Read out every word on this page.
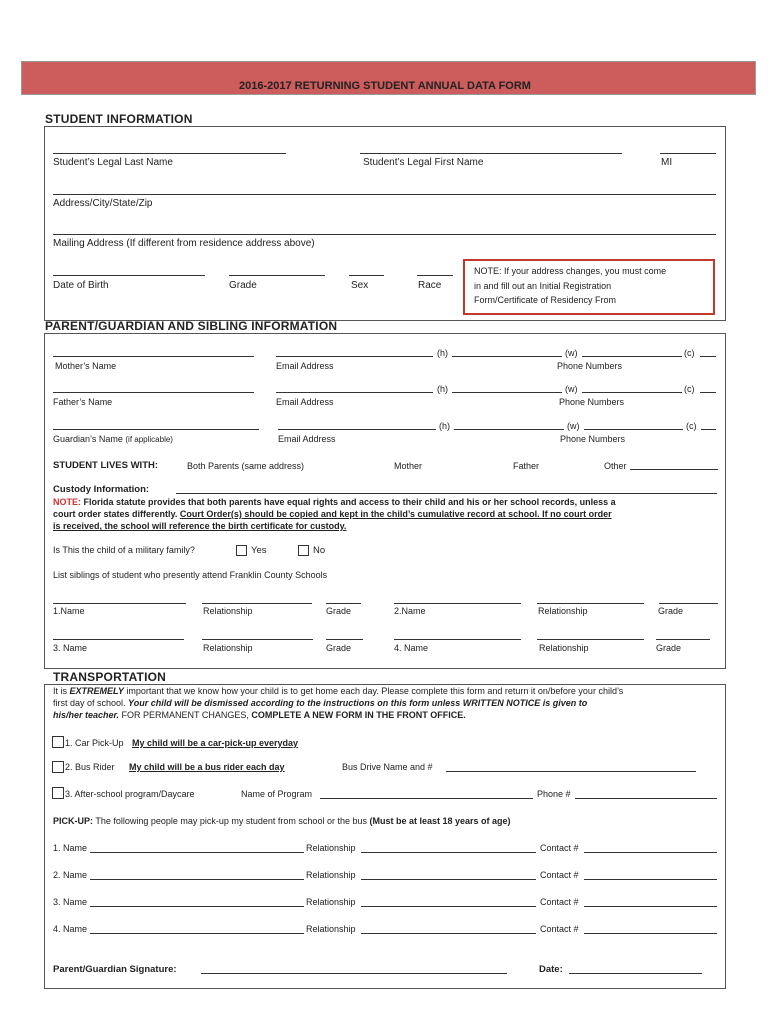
2016-2017 RETURNING STUDENT ANNUAL DATA FORM
STUDENT INFORMATION
Student’s Legal Last Name	Student’s Legal First Name	MI
Address/City/State/Zip
Mailing Address (If different from residence address above)
Date of Birth	Grade	Sex	Race
NOTE: If your address changes, you must come
in and fill out an Initial Registration
Form/Certificate of Residency From
PARENT/GUARDIAN AND SIBLING INFORMATION
Mother’s Name	Email Address
(h)	(w)	(c)
Phone Numbers
Father’s Name	Email Address
(h)	(w)	(c)
Phone Numbers
Guardian’s Name (if applicable)	Email Address
(h)	(w)	(c)
Phone Numbers
STUDENT LIVES WITH:	Both Parents (same address)	Mother	Father	Other
Custody Information:
NOTE: Florida statute provides that both parents have equal rights and access to their child and his or her school records, unless a
court order states differently. Court Order(s) should be copied and kept in the child’s cumulative record at school. If no court order
is received, the school will reference the birth certificate for custody.
Is This the child of a military family?	Yes	No
List siblings of student who presently attend Franklin County Schools
1.Name	Relationship	Grade	2.Name	Relationship	Grade
3. Name	Relationship	Grade	4. Name	Relationship	Grade
TRANSPORTATION
It is EXTREMELY important that we know how your child is to get home each day. Please complete this form and return it on/before your child’s
first day of school. Your child will be dismissed according to the instructions on this form unless WRITTEN NOTICE is given to
his/her teacher. FOR PERMANENT CHANGES, COMPLETE A NEW FORM IN THE FRONT OFFICE.
1. Car Pick-Up My child will be a car-pick-up everyday
2. Bus Rider My child will be a bus rider each day	Bus Drive Name and #
3. After-school program/Daycare	Name of Program	Phone #
PICK-UP: The following people may pick-up my student from school or the bus (Must be at least 18 years of age)
1. Name	Relationship	Contact #
2. Name	Relationship	Contact #
3. Name	Relationship	Contact #
4. Name	Relationship	Contact #
Parent/Guardian Signature:	Date:
